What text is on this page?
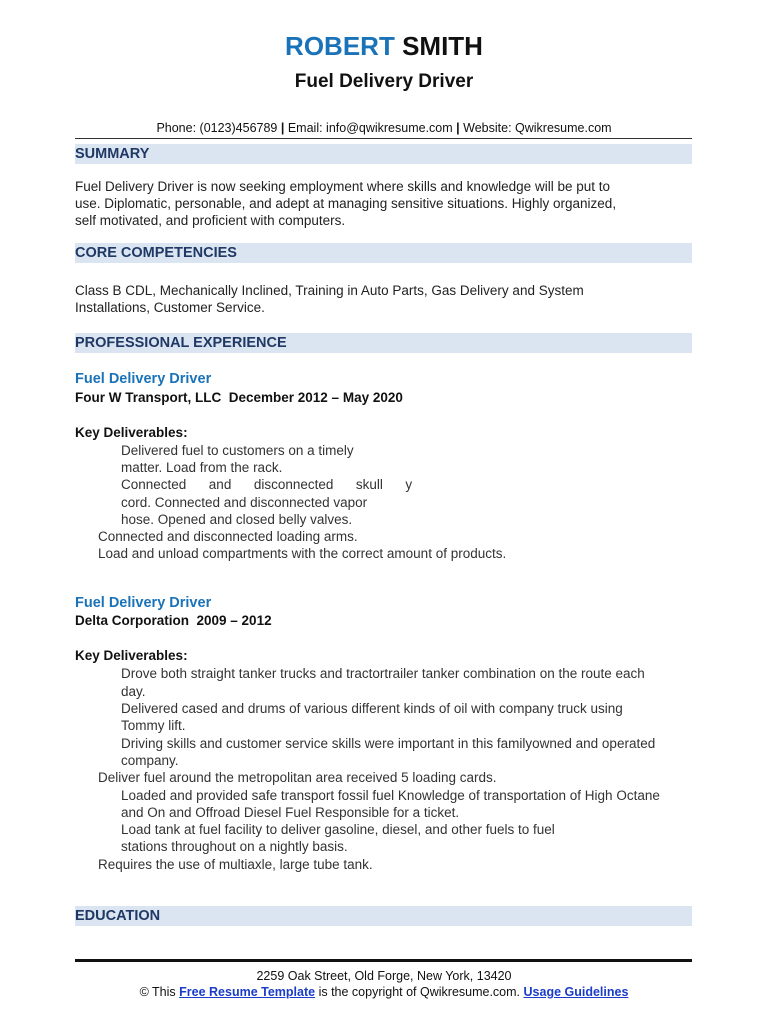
ROBERT SMITH
Fuel Delivery Driver
Phone: (0123)456789 | Email: info@qwikresume.com | Website: Qwikresume.com
SUMMARY
Fuel Delivery Driver is now seeking employment where skills and knowledge will be put to
use. Diplomatic, personable, and adept at managing sensitive situations. Highly organized,
self motivated, and proficient with computers.
CORE COMPETENCIES
Class B CDL, Mechanically Inclined, Training in Auto Parts, Gas Delivery and System
Installations, Customer Service.
PROFESSIONAL EXPERIENCE
Fuel Delivery Driver
Four W Transport, LLC  December 2012 – May 2020
Key Deliverables:
Delivered fuel to customers on a timely
matter. Load from the rack.
Connected      and      disconnected      skull      y
cord. Connected and disconnected vapor
hose. Opened and closed belly valves.
Connected and disconnected loading arms.
Load and unload compartments with the correct amount of products.
Fuel Delivery Driver
Delta Corporation  2009 – 2012
Key Deliverables:
Drove both straight tanker trucks and tractortrailer tanker combination on the route each
day.
Delivered cased and drums of various different kinds of oil with company truck using
Tommy lift.
Driving skills and customer service skills were important in this familyowned and operated
company.
Deliver fuel around the metropolitan area received 5 loading cards.
Loaded and provided safe transport fossil fuel Knowledge of transportation of High Octane
and On and Offroad Diesel Fuel Responsible for a ticket.
Load tank at fuel facility to deliver gasoline, diesel, and other fuels to fuel
stations throughout on a nightly basis.
Requires the use of multiaxle, large tube tank.
EDUCATION
2259 Oak Street, Old Forge, New York, 13420
© This Free Resume Template is the copyright of Qwikresume.com. Usage Guidelines
